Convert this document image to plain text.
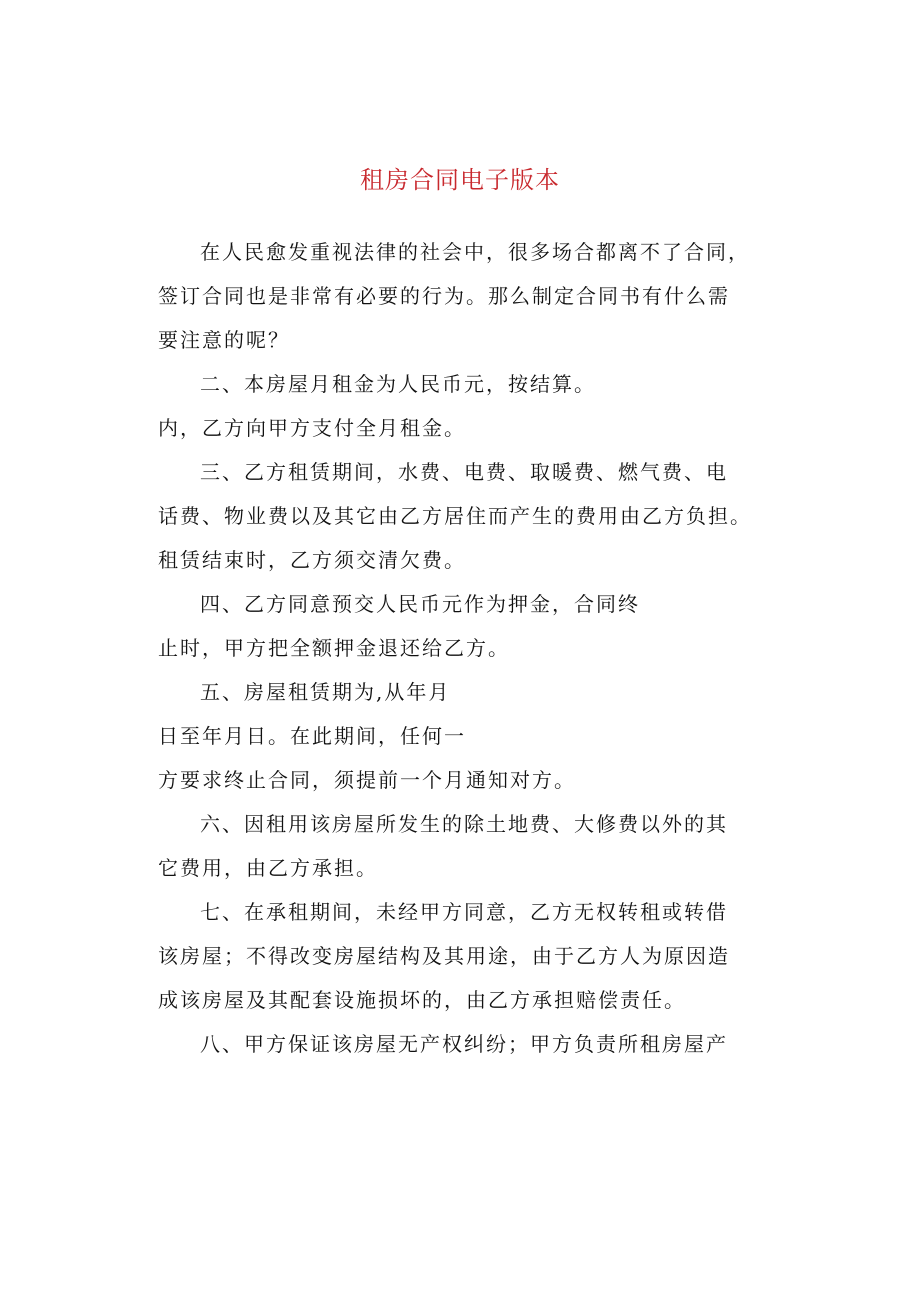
租房合同电子版本
在人民愈发重视法律的社会中，很多场合都离不了合同，
签订合同也是非常有必要的行为。那么制定合同书有什么需
要注意的呢？
二、本房屋月租金为人民币元，按结算。
内，乙方向甲方支付全月租金。
三、乙方租赁期间，水费、电费、取暖费、燃气费、电
话费、物业费以及其它由乙方居住而产生的费用由乙方负担。
租赁结束时，乙方须交清欠费。
四、乙方同意预交人民币元作为押金，合同终
止时，甲方把全额押金退还给乙方。
五、房屋租赁期为,从年月
日至年月日。在此期间，任何一
方要求终止合同，须提前一个月通知对方。
六、因租用该房屋所发生的除土地费、大修费以外的其
它费用，由乙方承担。
七、在承租期间，未经甲方同意，乙方无权转租或转借
该房屋；不得改变房屋结构及其用途，由于乙方人为原因造
成该房屋及其配套设施损坏的，由乙方承担赔偿责任。
八、甲方保证该房屋无产权纠纷；甲方负责所租房屋产
